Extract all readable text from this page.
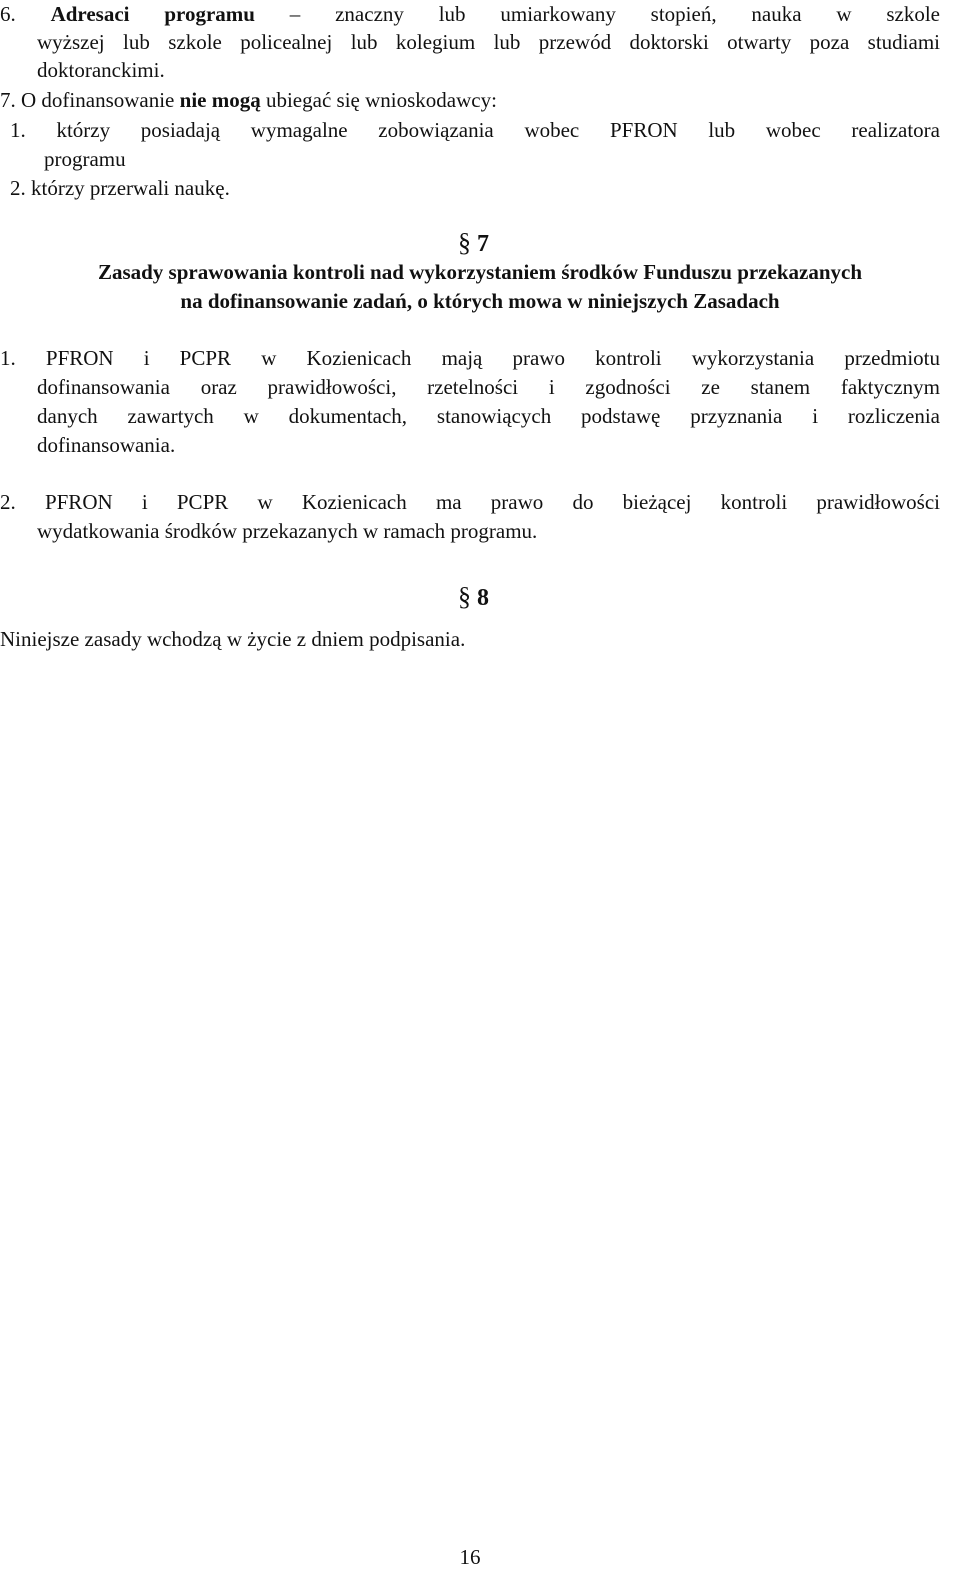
6. Adresaci programu – znaczny lub umiarkowany stopień, nauka w szkole
wyższej lub szkole policealnej lub kolegium lub przewód doktorski otwarty poza studiami
doktoranckimi.
7. O dofinansowanie nie mogą ubiegać się wnioskodawcy:
1. którzy posiadają wymagalne zobowiązania wobec PFRON lub wobec realizatora
programu
2. którzy przerwali naukę.
§ 7
Zasady sprawowania kontroli nad wykorzystaniem środków Funduszu przekazanych
na dofinansowanie zadań, o których mowa w niniejszych Zasadach
1. PFRON i PCPR w Kozienicach mają prawo kontroli wykorzystania przedmiotu
dofinansowania oraz prawidłowości, rzetelności i zgodności ze stanem faktycznym
danych zawartych w dokumentach, stanowiących podstawę przyznania i rozliczenia
dofinansowania.
2. PFRON i PCPR w Kozienicach ma prawo do bieżącej kontroli prawidłowości
wydatkowania środków przekazanych w ramach programu.
§ 8
Niniejsze zasady wchodzą w życie z dniem podpisania.
16
